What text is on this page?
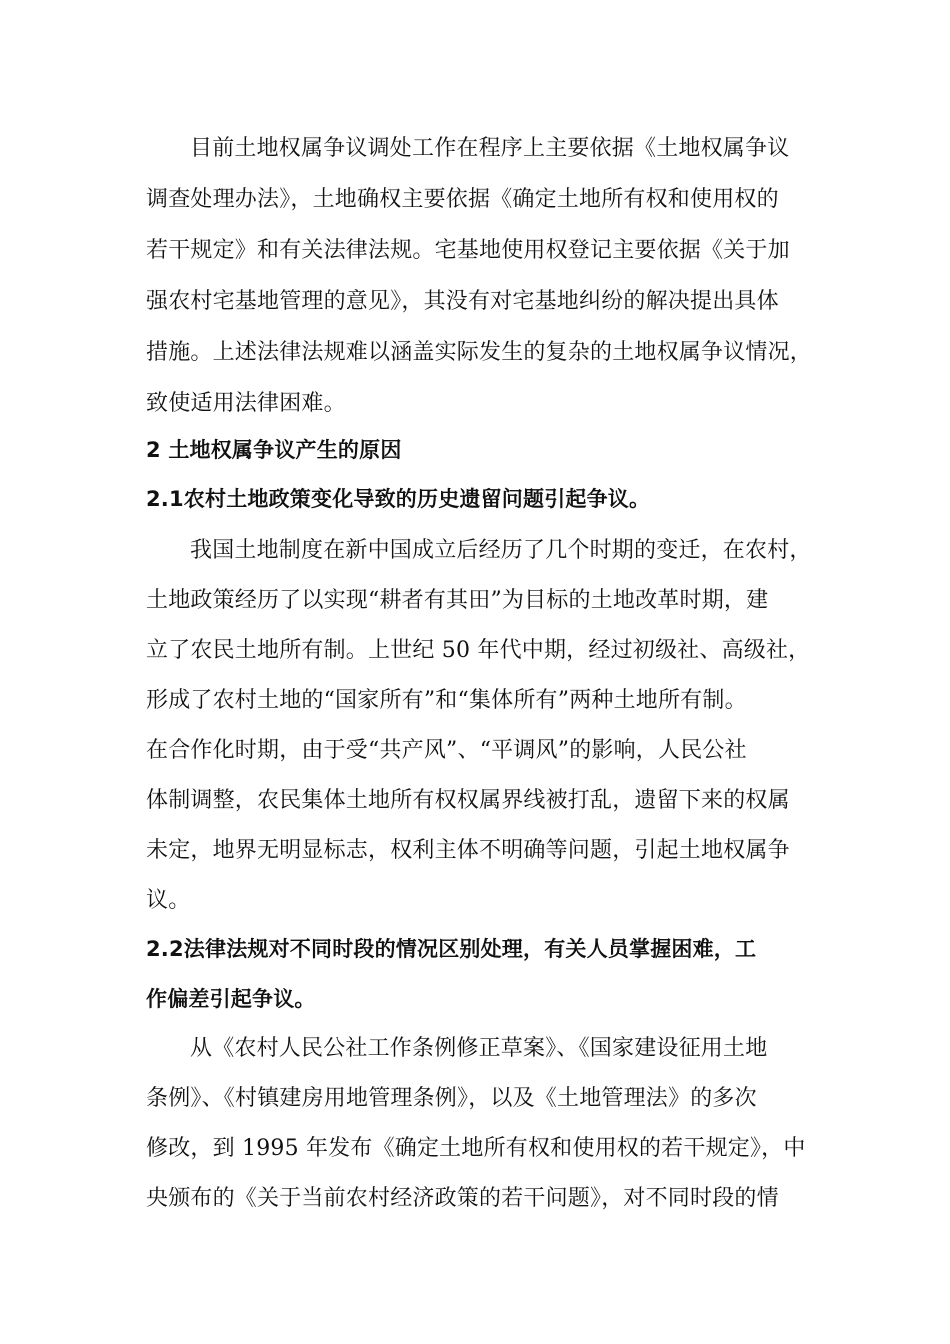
目前土地权属争议调处工作在程序上主要依据《土地权属争议
调查处理办法》，土地确权主要依据《确定土地所有权和使用权的
若干规定》和有关法律法规。宅基地使用权登记主要依据《关于加
强农村宅基地管理的意见》，其没有对宅基地纠纷的解决提出具体
措施。上述法律法规难以涵盖实际发生的复杂的土地权属争议情况，
致使适用法律困难。
2 土地权属争议产生的原因
2.1农村土地政策变化导致的历史遗留问题引起争议。
我国土地制度在新中国成立后经历了几个时期的变迁，在农村，
土地政策经历了以实现“耕者有其田”为目标的土地改革时期，建
立了农民土地所有制。上世纪 50 年代中期，经过初级社、高级社，
形成了农村土地的“国家所有”和“集体所有”两种土地所有制。
在合作化时期，由于受“共产风”、“平调风”的影响，人民公社
体制调整，农民集体土地所有权权属界线被打乱，遗留下来的权属
未定，地界无明显标志，权利主体不明确等问题，引起土地权属争
议。
2.2法律法规对不同时段的情况区别处理，有关人员掌握困难，工
作偏差引起争议。
从《农村人民公社工作条例修正草案》、《国家建设征用土地
条例》、《村镇建房用地管理条例》，以及《土地管理法》的多次
修改，到 1995 年发布《确定土地所有权和使用权的若干规定》，中
央颁布的《关于当前农村经济政策的若干问题》，对不同时段的情
